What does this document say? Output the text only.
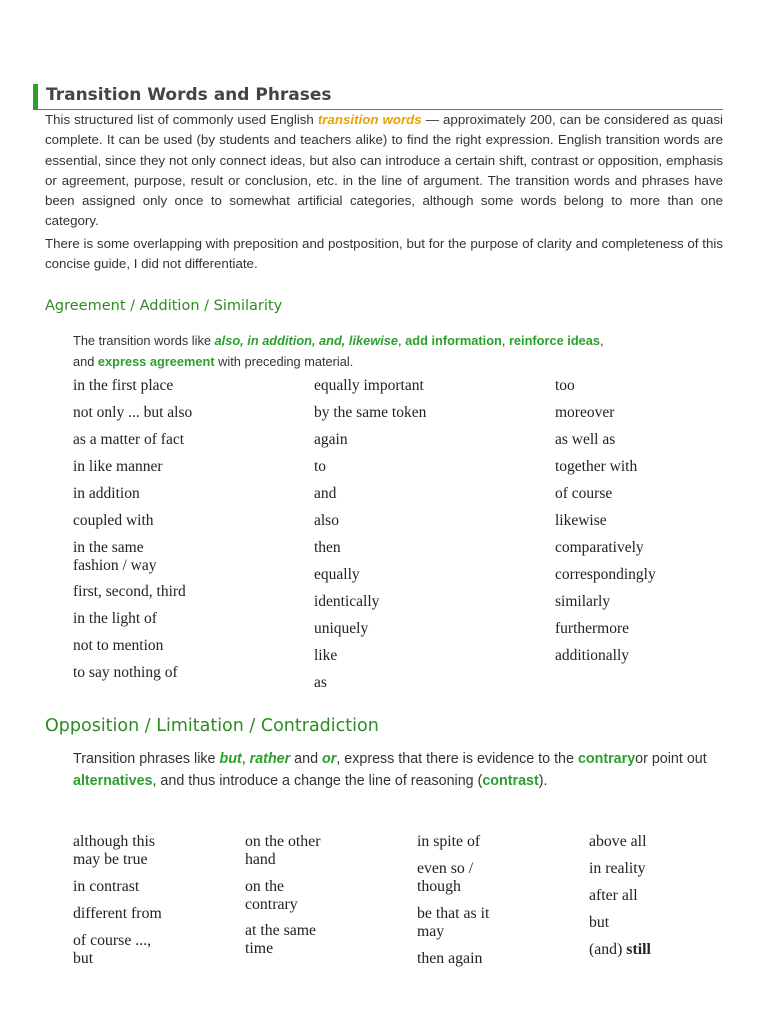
Transition Words and Phrases

This structured list of commonly used English transition words — approximately 200, can be considered as quasi complete. It can be used (by students and teachers alike) to find the right expression. English transition words are essential, since they not only connect ideas, but also can introduce a certain shift, contrast or opposition, emphasis or agreement, purpose, result or conclusion, etc. in the line of argument. The transition words and phrases have been assigned only once to somewhat artificial categories, although some words belong to more than one category.

There is some overlapping with preposition and postposition, but for the purpose of clarity and completeness of this concise guide, I did not differentiate.

Agreement / Addition / Similarity

The transition words like also, in addition, and, likewise, add information, reinforce ideas,
and express agreement with preceding material.

in the first place
not only ... but also
as a matter of fact
in like manner
in addition
coupled with
in the same
fashion / way
first, second, third
in the light of
not to mention
to say nothing of
equally important
by the same token
again
to
and
also
then
equally
identically
uniquely
like
as
too
moreover
as well as
together with
of course
likewise
comparatively
correspondingly
similarly
furthermore
additionally
Opposition / Limitation / Contradiction

Transition phrases like but, rather and or, express that there is evidence to the contraryor point out alternatives, and thus introduce a change the line of reasoning (contrast).

although this
may be true
in contrast
different from
of course ...,
but
on the other
hand
on the
contrary
at the same
time
in spite of
even so /
though
be that as it
may
then again
above all
in reality
after all
but
(and) still
